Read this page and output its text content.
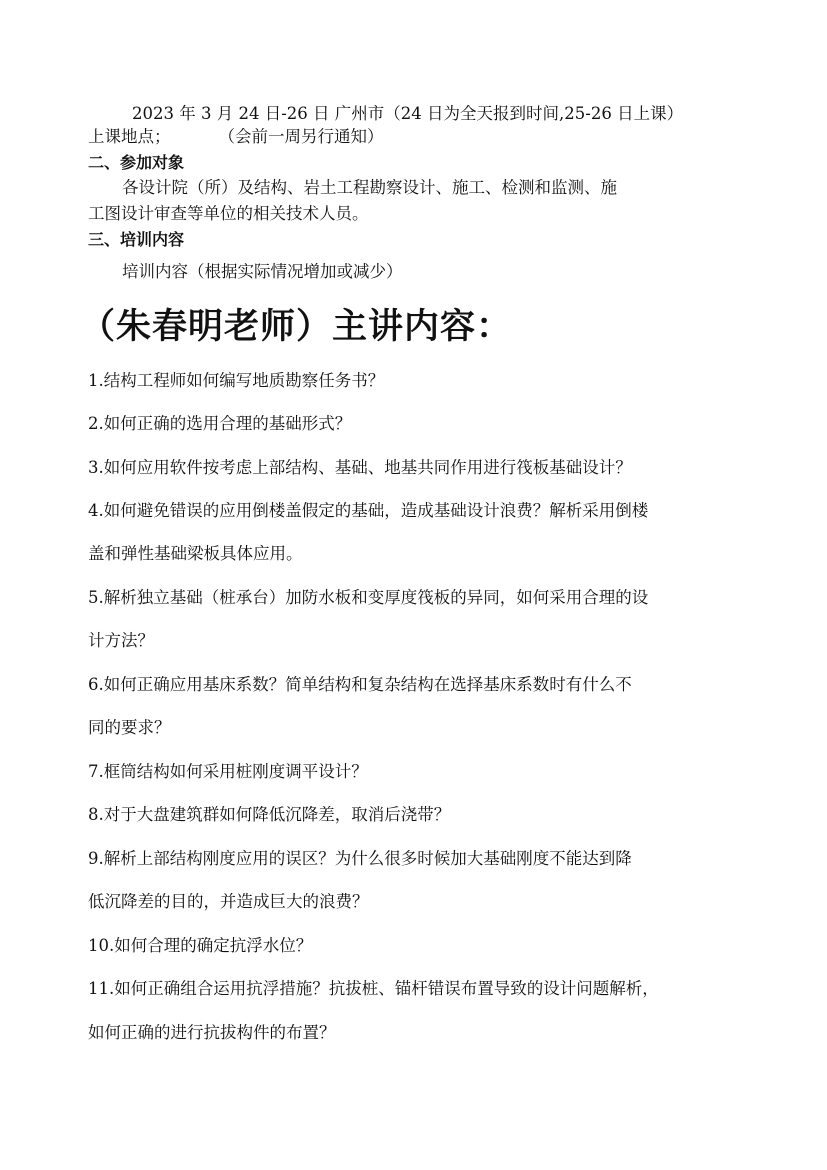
2023 年 3 月 24 日-26 日 广州市（24 日为全天报到时间,25-26 日上课）
上课地点；	（会前一周另行通知）
二、参加对象
各设计院（所）及结构、岩土工程勘察设计、施工、检测和监测、施
工图设计审查等单位的相关技术人员。
三、培训内容
培训内容（根据实际情况增加或减少）
（朱春明老师）主讲内容：
1.结构工程师如何编写地质勘察任务书？
2.如何正确的选用合理的基础形式？
3.如何应用软件按考虑上部结构、基础、地基共同作用进行筏板基础设计？
4.如何避免错误的应用倒楼盖假定的基础，造成基础设计浪费？解析采用倒楼
盖和弹性基础梁板具体应用。
5.解析独立基础（桩承台）加防水板和变厚度筏板的异同，如何采用合理的设
计方法？
6.如何正确应用基床系数？简单结构和复杂结构在选择基床系数时有什么不
同的要求？
7.框筒结构如何采用桩刚度调平设计？
8.对于大盘建筑群如何降低沉降差，取消后浇带？
9.解析上部结构刚度应用的误区？为什么很多时候加大基础刚度不能达到降
低沉降差的目的，并造成巨大的浪费？
10.如何合理的确定抗浮水位？
11.如何正确组合运用抗浮措施？抗拔桩、锚杆错误布置导致的设计问题解析，
如何正确的进行抗拔构件的布置？
